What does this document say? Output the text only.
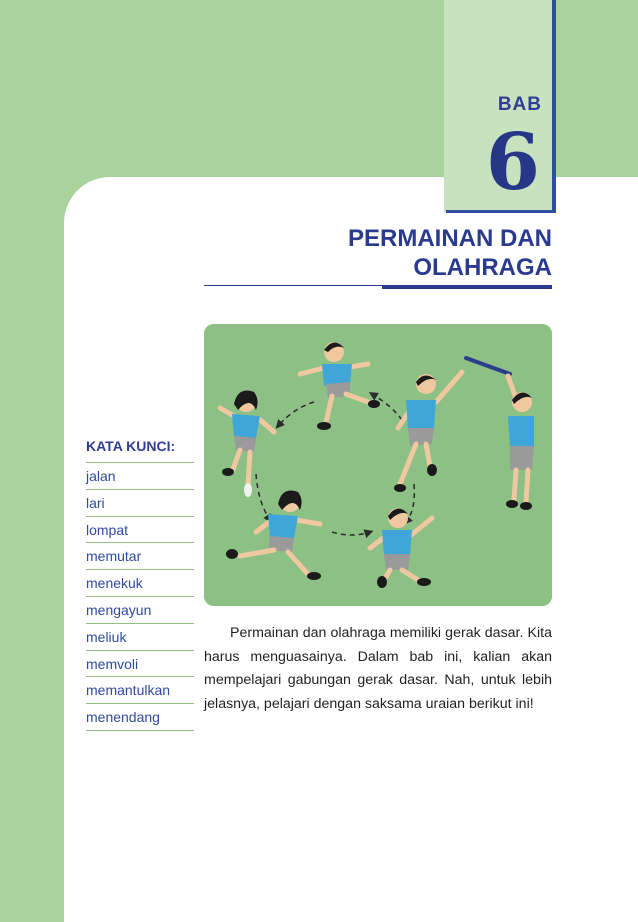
BAB
6
PERMAINAN DAN
OLAHRAGA
KATA KUNCI:
jalan
lari
lompat
memutar
menekuk
mengayun
meliuk
memvoli
memantulkan
menendang

Permainan dan olahraga memiliki gerak dasar. Kita harus menguasainya. Dalam bab ini, kalian akan mempelajari gabungan gerak dasar. Nah, untuk lebih jelasnya, pelajari dengan saksama uraian berikut ini!
